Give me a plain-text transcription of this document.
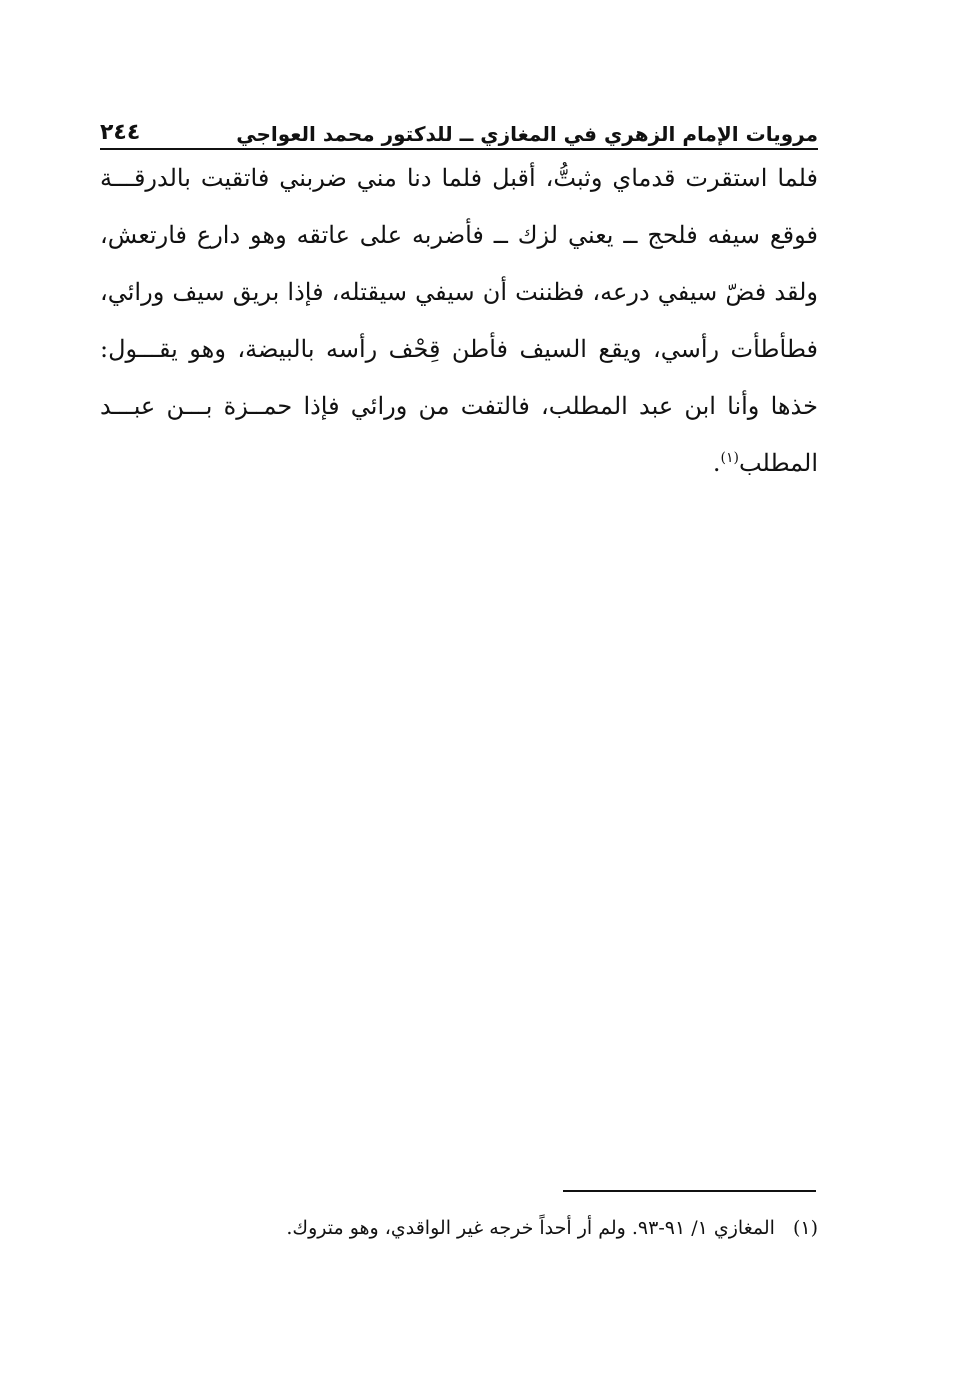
مرويات الإمام الزهري في المغازي ــ للدكتور محمد العواجي
٢٤٤
فلما استقرت قدماي وثبتُّ، أقبل فلما دنا مني ضربني فاتقيت بالدرقـــة
فوقع سيفه فلحج ــ يعني لزك ــ فأضربه على عاتقه وهو دارع فارتعش،
ولقد فضّ سيفي درعه، فظننت أن سيفي سيقتله، فإذا بريق سيف ورائي،
فطأطأت رأسي، ويقع السيف فأطن قِحْف رأسه بالبيضة، وهو يقـــول:
خذها وأنا ابن عبد المطلب، فالتفت من ورائي فإذا حمــزة بـــن عبـــد
المطلب$^{(١)}$.
(١)المغازي ١/ ٩١-٩٣. ولم أر أحداً خرجه غير الواقدي، وهو متروك.
